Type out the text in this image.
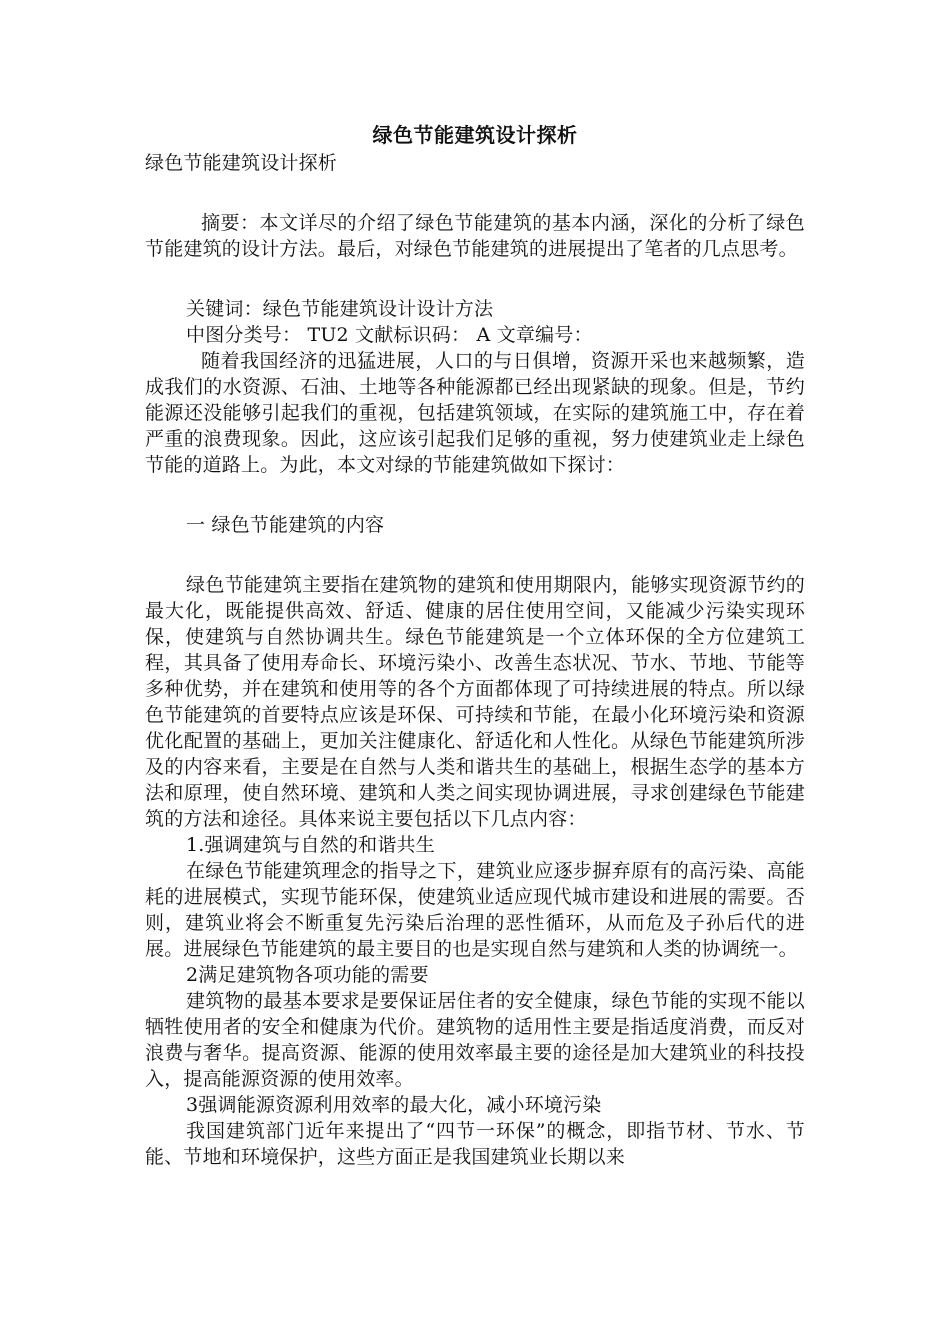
绿色节能建筑设计探析

绿色节能建筑设计探析

摘要：本文详尽的介绍了绿色节能建筑的基本内涵，深化的分析了绿色节能建筑的设计方法。最后，对绿色节能建筑的进展提出了笔者的几点思考。

关键词：绿色节能建筑设计设计方法

中图分类号： TU2 文献标识码： A 文章编号：

随着我国经济的迅猛进展，人口的与日俱增，资源开采也来越频繁，造成我们的水资源、石油、土地等各种能源都已经出现紧缺的现象。但是，节约能源还没能够引起我们的重视，包括建筑领域，在实际的建筑施工中，存在着严重的浪费现象。因此，这应该引起我们足够的重视，努力使建筑业走上绿色节能的道路上。为此，本文对绿的节能建筑做如下探讨：

一 绿色节能建筑的内容

绿色节能建筑主要指在建筑物的建筑和使用期限内，能够实现资源节约的最大化，既能提供高效、舒适、健康的居住使用空间，又能减少污染实现环保，使建筑与自然协调共生。绿色节能建筑是一个立体环保的全方位建筑工程，其具备了使用寿命长、环境污染小、改善生态状况、节水、节地、节能等多种优势，并在建筑和使用等的各个方面都体现了可持续进展的特点。所以绿色节能建筑的首要特点应该是环保、可持续和节能，在最小化环境污染和资源优化配置的基础上，更加关注健康化、舒适化和人性化。从绿色节能建筑所涉及的内容来看，主要是在自然与人类和谐共生的基础上，根据生态学的基本方法和原理，使自然环境、建筑和人类之间实现协调进展，寻求创建绿色节能建筑的方法和途径。具体来说主要包括以下几点内容：

1.强调建筑与自然的和谐共生

在绿色节能建筑理念的指导之下，建筑业应逐步摒弃原有的高污染、高能耗的进展模式，实现节能环保，使建筑业适应现代城市建设和进展的需要。否则，建筑业将会不断重复先污染后治理的恶性循环，从而危及子孙后代的进展。进展绿色节能建筑的最主要目的也是实现自然与建筑和人类的协调统一。

2满足建筑物各项功能的需要

建筑物的最基本要求是要保证居住者的安全健康，绿色节能的实现不能以牺牲使用者的安全和健康为代价。建筑物的适用性主要是指适度消费，而反对浪费与奢华。提高资源、能源的使用效率最主要的途径是加大建筑业的科技投入，提高能源资源的使用效率。

3强调能源资源利用效率的最大化，减小环境污染

我国建筑部门近年来提出了“四节一环保”的概念，即指节材、节水、节能、节地和环境保护，这些方面正是我国建筑业长期以来
